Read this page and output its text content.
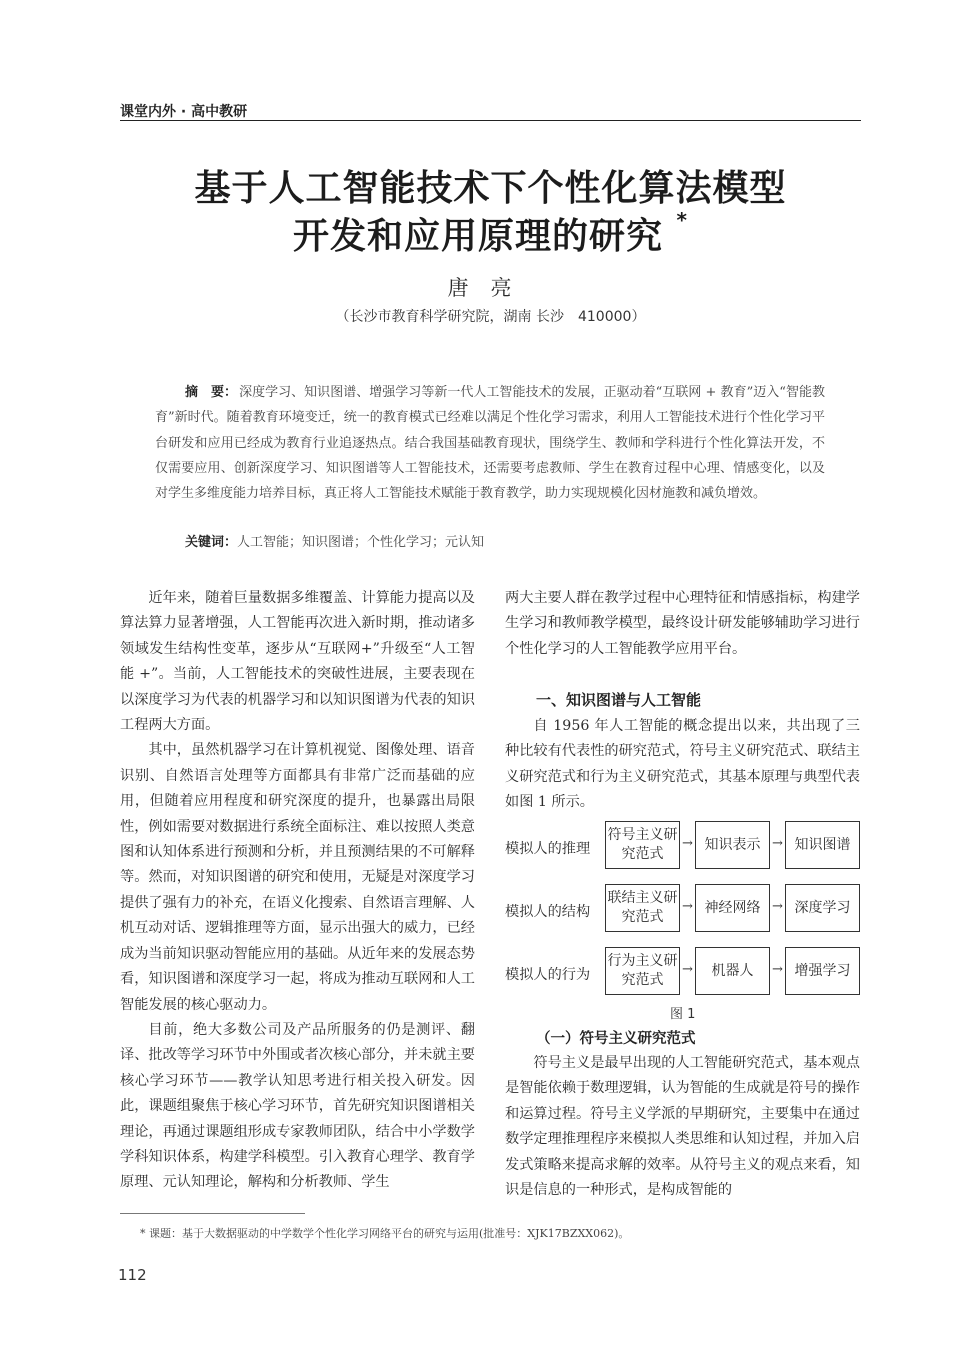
课堂内外 · 高中教研
基于人工智能技术下个性化算法模型
开发和应用原理的研究 *
唐亮
（长沙市教育科学研究院，湖南 长沙　410000）
摘　要： 深度学习、知识图谱、增强学习等新一代人工智能技术的发展，正驱动着“互联网 + 教育”迈入“智能教育”新时代。随着教育环境变迁，统一的教育模式已经难以满足个性化学习需求，利用人工智能技术进行个性化学习平台研发和应用已经成为教育行业追逐热点。结合我国基础教育现状，围绕学生、教师和学科进行个性化算法开发，不仅需要应用、创新深度学习、知识图谱等人工智能技术，还需要考虑教师、学生在教育过程中心理、情感变化，以及对学生多维度能力培养目标，真正将人工智能技术赋能于教育教学，助力实现规模化因材施教和减负增效。
关键词：人工智能；知识图谱；个性化学习；元认知

近年来，随着巨量数据多维覆盖、计算能力提高以及算法算力显著增强，人工智能再次进入新时期，推动诸多领域发生结构性变革，逐步从“互联网+”升级至“人工智能 +”。当前，人工智能技术的突破性进展，主要表现在以深度学习为代表的机器学习和以知识图谱为代表的知识工程两大方面。

其中，虽然机器学习在计算机视觉、图像处理、语音识别、自然语言处理等方面都具有非常广泛而基础的应用，但随着应用程度和研究深度的提升，也暴露出局限性，例如需要对数据进行系统全面标注、难以按照人类意图和认知体系进行预测和分析，并且预测结果的不可解释等。然而，对知识图谱的研究和使用，无疑是对深度学习提供了强有力的补充，在语义化搜索、自然语言理解、人机互动对话、逻辑推理等方面，显示出强大的威力，已经成为当前知识驱动智能应用的基础。从近年来的发展态势看，知识图谱和深度学习一起，将成为推动互联网和人工智能发展的核心驱动力。

目前，绝大多数公司及产品所服务的仍是测评、翻译、批改等学习环节中外围或者次核心部分，并未就主要核心学习环节——教学认知思考进行相关投入研发。因此，课题组聚焦于核心学习环节，首先研究知识图谱相关理论，再通过课题组形成专家教师团队，结合中小学数学学科知识体系，构建学科模型。引入教育心理学、教育学原理、元认知理论，解构和分析教师、学生

两大主要人群在教学过程中心理特征和情感指标，构建学生学习和教师教学模型，最终设计研发能够辅助学习进行个性化学习的人工智能教学应用平台。

一、知识图谱与人工智能

自 1956 年人工智能的概念提出以来，共出现了三种比较有代表性的研究范式，符号主义研究范式、联结主义研究范式和行为主义研究范式，其基本原理与典型代表如图 1 所示。

模拟人的推理
符号主义研究范式
→ 知识表示 → 知识图谱
模拟人的结构
联结主义研究范式
→ 神经网络 → 深度学习
模拟人的行为
行为主义研究范式
→	机器人	→ 增强学习
图 1
（一）符号主义研究范式

符号主义是最早出现的人工智能研究范式，基本观点是智能依赖于数理逻辑，认为智能的生成就是符号的操作和运算过程。符号主义学派的早期研究，主要集中在通过数学定理推理程序来模拟人类思维和认知过程，并加入启发式策略来提高求解的效率。从符号主义的观点来看，知识是信息的一种形式，是构成智能的

* 课题：基于大数据驱动的中学数学个性化学习网络平台的研究与运用(批准号：XJK17BZXX062)。
112
